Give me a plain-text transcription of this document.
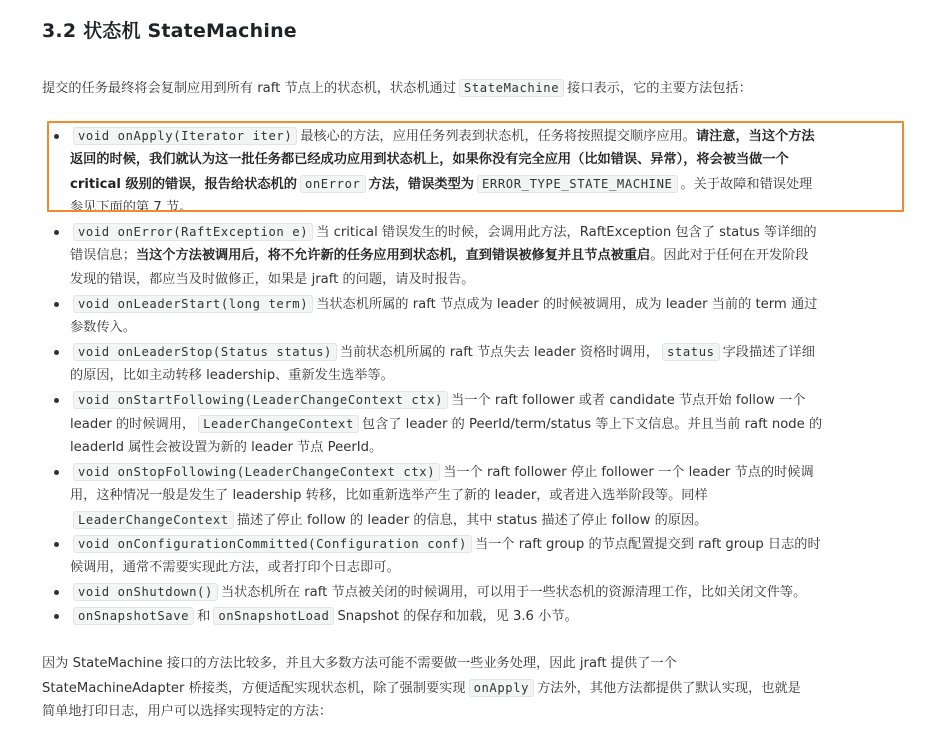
3.2 状态机 StateMachine

提交的任务最终将会复制应用到所有 raft 节点上的状态机，状态机通过 StateMachine 接口表示，它的主要方法包括：

void onApply(Iterator iter) 最核心的方法，应用任务列表到状态机，任务将按照提交顺序应用。请注意，当这个方法
返回的时候，我们就认为这一批任务都已经成功应用到状态机上，如果你没有完全应用（比如错误、异常），将会被当做一个
critical 级别的错误，报告给状态机的 onError 方法，错误类型为 ERROR_TYPE_STATE_MACHINE 。关于故障和错误处理
参见下面的第 7 节。
void onError(RaftException e) 当 critical 错误发生的时候，会调用此方法，RaftException 包含了 status 等详细的
错误信息；当这个方法被调用后，将不允许新的任务应用到状态机，直到错误被修复并且节点被重启。因此对于任何在开发阶段
发现的错误，都应当及时做修正，如果是 jraft 的问题，请及时报告。
void onLeaderStart(long term) 当状态机所属的 raft 节点成为 leader 的时候被调用，成为 leader 当前的 term 通过
参数传入。
void onLeaderStop(Status status) 当前状态机所属的 raft 节点失去 leader 资格时调用， status 字段描述了详细
的原因，比如主动转移 leadership、重新发生选举等。
void onStartFollowing(LeaderChangeContext ctx) 当一个 raft follower 或者 candidate 节点开始 follow 一个
leader 的时候调用， LeaderChangeContext 包含了 leader 的 PeerId/term/status 等上下文信息。并且当前 raft node 的
leaderId 属性会被设置为新的 leader 节点 PeerId。
void onStopFollowing(LeaderChangeContext ctx) 当一个 raft follower 停止 follower 一个 leader 节点的时候调
用，这种情况一般是发生了 leadership 转移，比如重新选举产生了新的 leader，或者进入选举阶段等。同样
LeaderChangeContext 描述了停止 follow 的 leader 的信息，其中 status 描述了停止 follow 的原因。
void onConfigurationCommitted(Configuration conf) 当一个 raft group 的节点配置提交到 raft group 日志的时
候调用，通常不需要实现此方法，或者打印个日志即可。
void onShutdown() 当状态机所在 raft 节点被关闭的时候调用，可以用于一些状态机的资源清理工作，比如关闭文件等。
onSnapshotSave 和 onSnapshotLoad Snapshot 的保存和加载，见 3.6 小节。

因为 StateMachine 接口的方法比较多，并且大多数方法可能不需要做一些业务处理，因此 jraft 提供了一个
StateMachineAdapter 桥接类，方便适配实现状态机，除了强制要实现 onApply 方法外，其他方法都提供了默认实现，也就是
简单地打印日志，用户可以选择实现特定的方法：
